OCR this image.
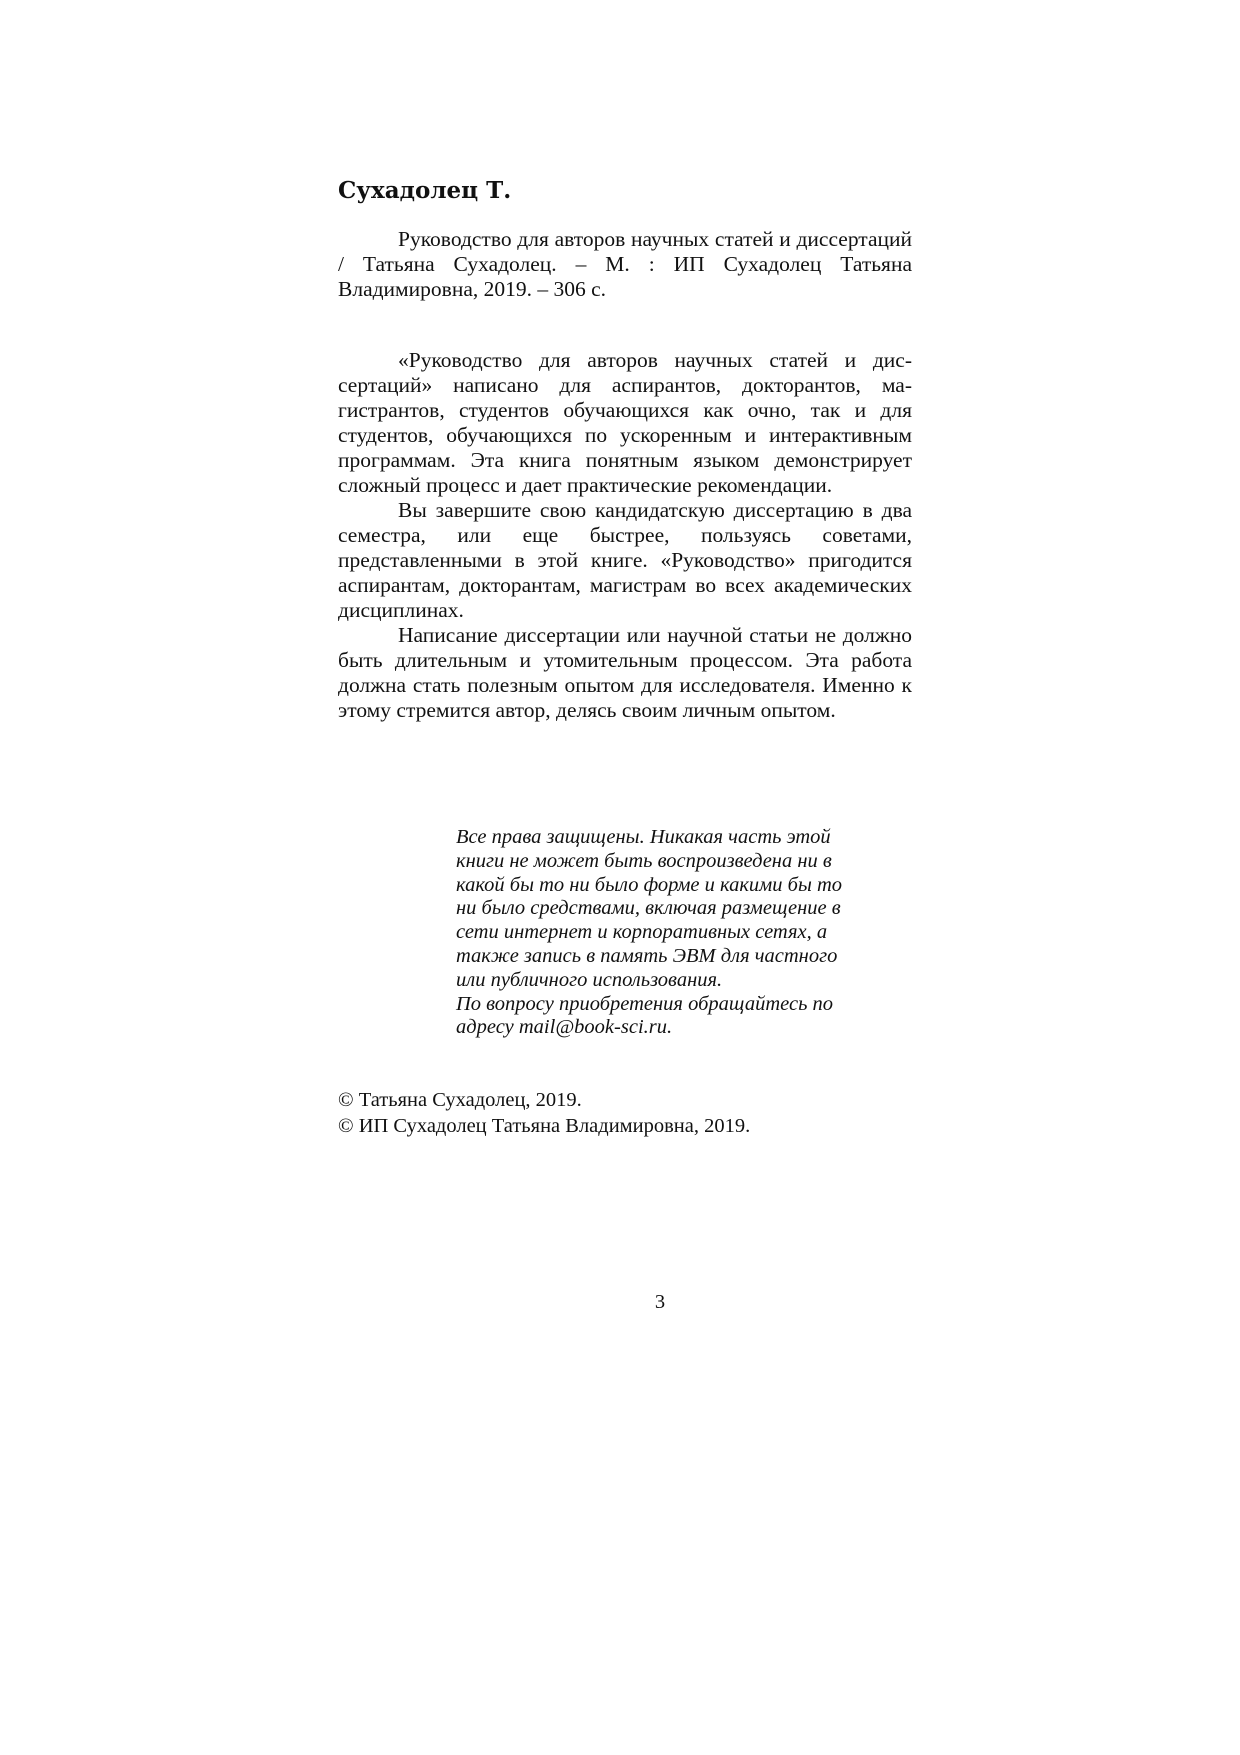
Сухадолец Т.

Руководство для авторов научных статей и диссертаций / Татьяна Сухадолец. – М. : ИП Сухадолец Татьяна Владимировна, 2019. – 306 с.

«Руководство для авторов научных статей и диссертаций» написано для аспирантов, докторантов, магистрантов, студентов обучающихся как очно, так и для студентов, обучающихся по ускоренным и интерактивным программам. Эта книга понятным языком демонстрирует сложный процесс и дает практические рекомендации.

Вы завершите свою кандидатскую диссертацию в два семестра, или еще быстрее, пользуясь советами, представленными в этой книге. «Руководство» пригодится аспирантам, докторантам, магистрам во всех академических дисциплинах.

Написание диссертации или научной статьи не должно быть длительным и утомительным процессом. Эта работа должна стать полезным опытом для исследователя. Именно к этому стремится автор, делясь своим личным опытом.

Все права защищены. Никакая часть этой

книги не может быть воспроизведена ни в

какой бы то ни было форме и какими бы то

ни было средствами, включая размещение в

сети интернет и корпоративных сетях, а

также запись в память ЭВМ для частного

или публичного использования.

По вопросу приобретения обращайтесь по

адресу mail@book-sci.ru.

© Татьяна Сухадолец, 2019.
© ИП Сухадолец Татьяна Владимировна, 2019.
3
